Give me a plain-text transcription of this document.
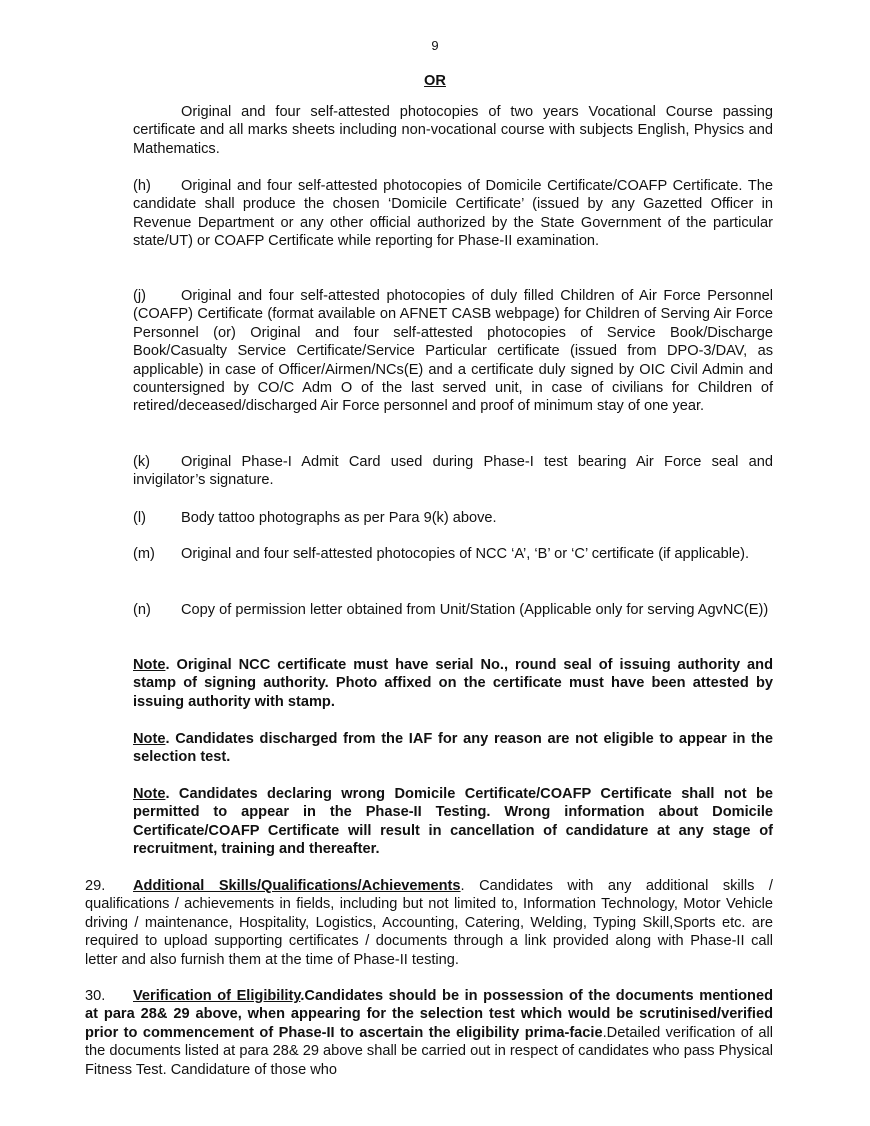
9
OR
Original and four self-attested photocopies of two years Vocational Course passing certificate and all marks sheets including non-vocational course with subjects English, Physics and Mathematics.
(h) Original and four self-attested photocopies of Domicile Certificate/COAFP Certificate. The candidate shall produce the chosen ‘Domicile Certificate’ (issued by any Gazetted Officer in Revenue Department or any other official authorized by the State Government of the particular state/UT) or COAFP Certificate while reporting for Phase-II examination.
(j) Original and four self-attested photocopies of duly filled Children of Air Force Personnel (COAFP) Certificate (format available on AFNET CASB webpage) for Children of Serving Air Force Personnel (or) Original and four self-attested photocopies of Service Book/Discharge Book/Casualty Service Certificate/Service Particular certificate (issued from DPO-3/DAV, as applicable) in case of Officer/Airmen/NCs(E) and a certificate duly signed by OIC Civil Admin and countersigned by CO/C Adm O of the last served unit, in case of civilians for Children of retired/deceased/discharged Air Force personnel and proof of minimum stay of one year.
(k) Original Phase-I Admit Card used during Phase-I test bearing Air Force seal and invigilator’s signature.
(l) Body tattoo photographs as per Para 9(k) above.
(m) Original and four self-attested photocopies of NCC ‘A’, ‘B’ or ‘C’ certificate (if applicable).
(n) Copy of permission letter obtained from Unit/Station (Applicable only for serving AgvNC(E))
Note. Original NCC certificate must have serial No., round seal of issuing authority and stamp of signing authority. Photo affixed on the certificate must have been attested by issuing authority with stamp.
Note. Candidates discharged from the IAF for any reason are not eligible to appear in the selection test.
Note. Candidates declaring wrong Domicile Certificate/COAFP Certificate shall not be permitted to appear in the Phase-II Testing. Wrong information about Domicile Certificate/COAFP Certificate will result in cancellation of candidature at any stage of recruitment, training and thereafter.
29. Additional Skills/Qualifications/Achievements. Candidates with any additional skills / qualifications / achievements in fields, including but not limited to, Information Technology, Motor Vehicle driving / maintenance, Hospitality, Logistics, Accounting, Catering, Welding, Typing Skill,Sports etc. are required to upload supporting certificates / documents through a link provided along with Phase-II call letter and also furnish them at the time of Phase-II testing.
30. Verification of Eligibility.Candidates should be in possession of the documents mentioned at para 28& 29 above, when appearing for the selection test which would be scrutinised/verified prior to commencement of Phase-II to ascertain the eligibility prima-facie.Detailed verification of all the documents listed at para 28& 29 above shall be carried out in respect of candidates who pass Physical Fitness Test. Candidature of those who
